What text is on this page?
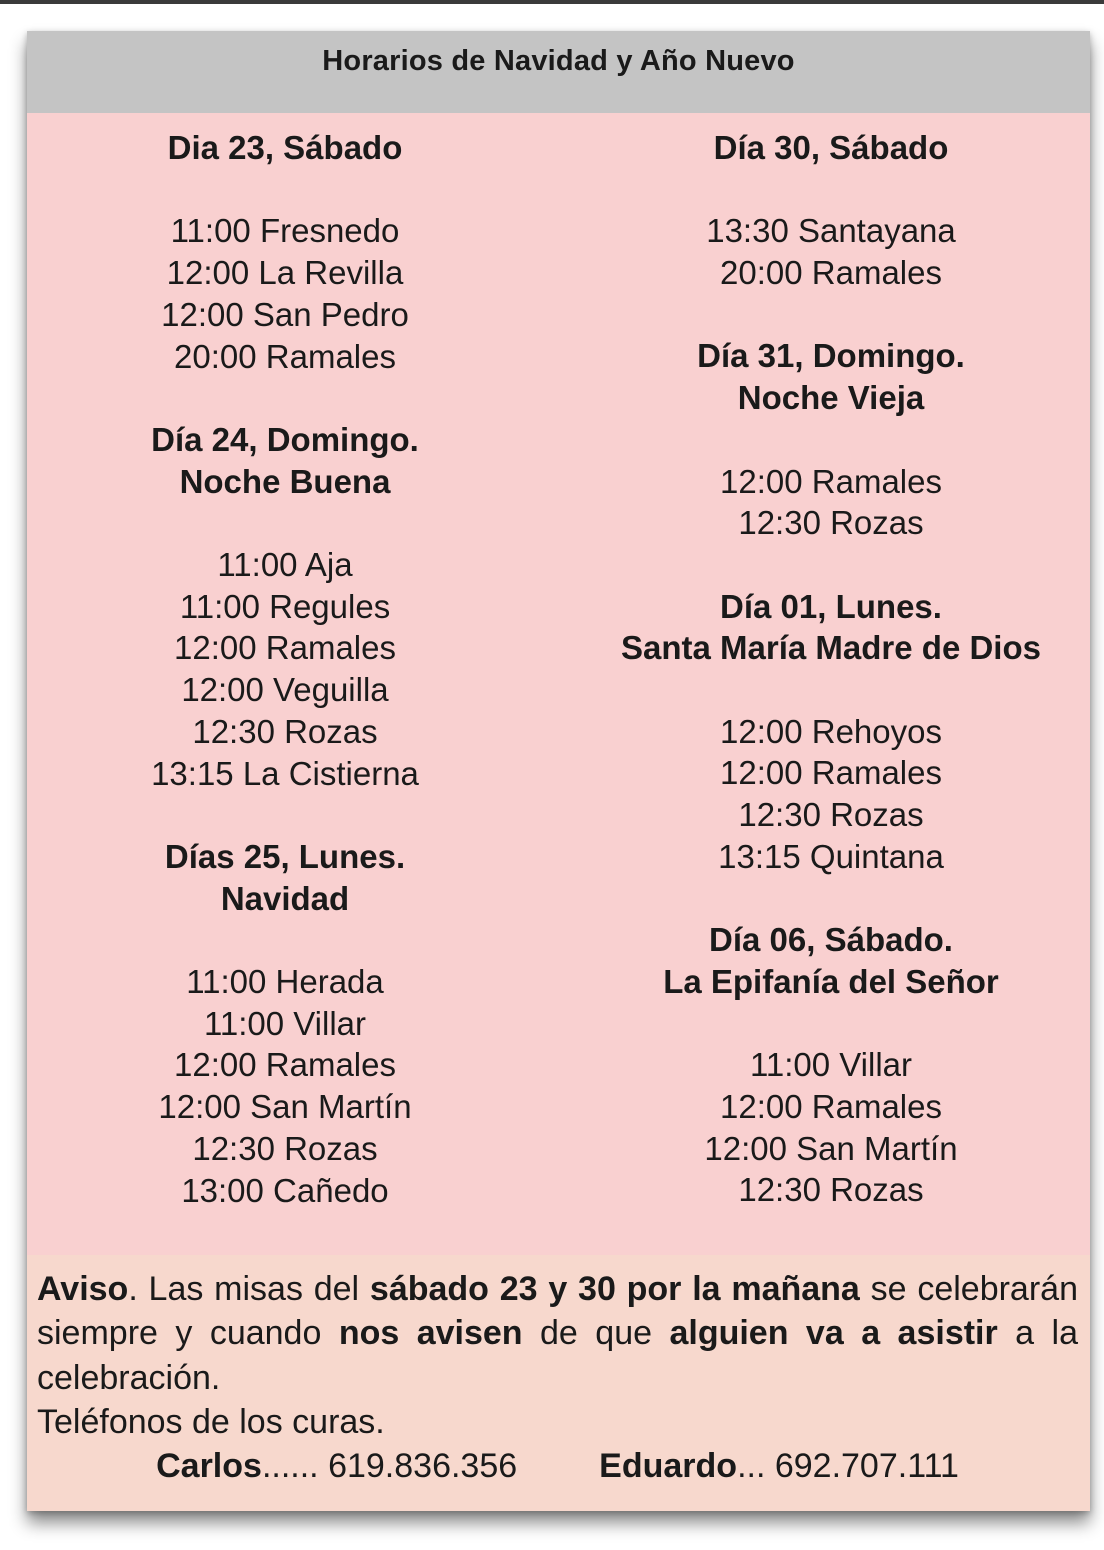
Horarios de Navidad y Año Nuevo
Dia 23, Sábado
11:00 Fresnedo
12:00 La Revilla
12:00 San Pedro
20:00 Ramales
Día 24, Domingo.
Noche Buena
11:00 Aja
11:00 Regules
12:00 Ramales
12:00 Veguilla
12:30 Rozas
13:15 La Cistierna
Días 25, Lunes.
Navidad
11:00 Herada
11:00 Villar
12:00 Ramales
12:00 San Martín
12:30 Rozas
13:00 Cañedo
Día 30, Sábado
13:30 Santayana
20:00 Ramales
Día 31, Domingo.
Noche Vieja
12:00 Ramales
12:30 Rozas
Día 01, Lunes.
Santa María Madre de Dios
12:00 Rehoyos
12:00 Ramales
12:30 Rozas
13:15 Quintana
Día 06, Sábado.
La Epifanía del Señor
11:00 Villar
12:00 Ramales
12:00 San Martín
12:30 Rozas
Aviso. Las misas del sábado 23 y 30 por la mañana se celebrarán siempre y cuando nos avisen de que alguien va a asistir a la celebración.
Teléfonos de los curas.
Carlos...... 619.836.356 Eduardo... 692.707.111
